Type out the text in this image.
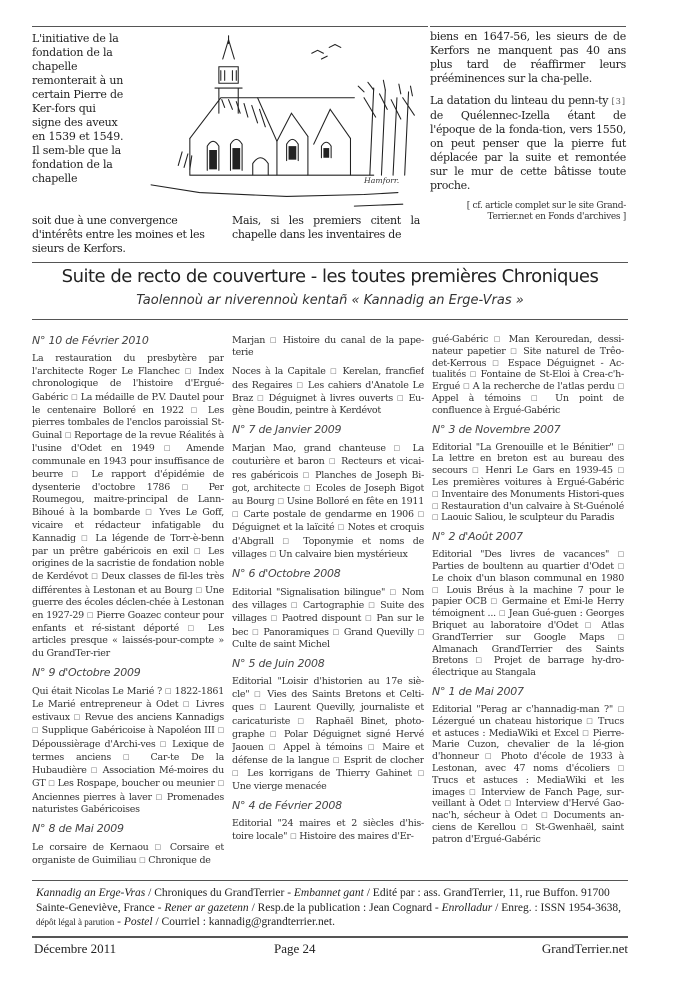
L'initiative de la fondation de la chapelle remonterait à un certain Pierre de Ker-fors qui signe des aveux en 1539 et 1549. Il sem-ble que la fondation de la chapelle
soit due à une convergence d'intérêts entre les moines et les sieurs de Kerfors.
Hamforr.
Mais, si les premiers citent la chapelle dans les inventaires de

biens en 1647-56, les sieurs de de Kerfors ne manquent pas 40 ans plus tard de réaffirmer leurs prééminences sur la cha-pelle.

La datation du linteau du penn-ty [3] de Quélennec-Izella étant de l'époque de la fonda-tion, vers 1550, on peut penser que la pierre fut déplacée par la suite et remontée sur le mur de cette bâtisse toute proche.

[ cf. article complet sur le site Grand-Terrier.net en Fonds d'archives ]
Suite de recto de couverture - les toutes premières Chroniques
Taolennoù ar niverennoù kentañ « Kannadig an Erge-Vras »
N° 10 de Février 2010
La restauration du presbytère par l'architecte Roger Le Flanchec □ Index chronologique de l'histoire d'Ergué-Gabéric □ La médaille de P.V. Dautel pour le centenaire Bolloré en 1922 □ Les pierres tombales de l'enclos paroissial St-Guinal □ Reportage de la revue Réalités à l'usine d'Odet en 1949 □ Amende communale en 1943 pour insuffisance de beurre □ Le rapport d'épidémie de dysenterie d'octobre 1786 □ Per Roumegou, maitre-principal de Lann-Bihoué à la bombarde □ Yves Le Goff, vicaire et rédacteur infatigable du Kannadig □ La légende de Torr-è-benn par un prêtre gabéricois en exil □ Les origines de la sacristie de fondation noble de Kerdévot □ Deux classes de fil-les très différentes à Lestonan et au Bourg □ Une guerre des écoles déclen-chée à Lestonan en 1927-29 □ Pierre Goazec conteur pour enfants et ré-sistant déporté □ Les articles presque « laissés-pour-compte » du GrandTer-rier
N° 9 d'Octobre 2009
Qui était Nicolas Le Marié ? □ 1822-1861 Le Marié entrepreneur à Odet □ Livres estivaux □ Revue des anciens Kannadigs □ Supplique Gabéricoise à Napoléon III □ Dépoussièrage d'Archi-ves □ Lexique de termes anciens □ Car-te De la Hubaudière □ Association Mé-moires du GT □ Les Rospape, boucher ou meunier □ Anciennes pierres à laver □ Promenades naturistes Gabéricoises
N° 8 de Mai 2009
Le corsaire de Kernaou □ Corsaire et organiste de Guimiliau □ Chronique de
Marjan □ Histoire du canal de la pape-terie
Noces à la Capitale □ Kerelan, francfief des Regaires □ Les cahiers d'Anatole Le Braz □ Déguignet à livres ouverts □ Eu-gène Boudin, peintre à Kerdévot
N° 7 de Janvier 2009
Marjan Mao, grand chanteuse □ La couturière et baron □ Recteurs et vicai-res gabéricois □ Planches de Joseph Bi-got, architecte □ Ecoles de Joseph Bigot au Bourg □ Usine Bolloré en fête en 1911 □ Carte postale de gendarme en 1906 □ Déguignet et la laïcité □ Notes et croquis d'Abgrall □ Toponymie et noms de villages □ Un calvaire bien mystérieux
N° 6 d'Octobre 2008
Editorial "Signalisation bilingue" □ Nom des villages □ Cartographie □ Suite des villages □ Paotred dispount □ Pan sur le bec □ Panoramiques □ Grand Quevilly □ Culte de saint Michel
N° 5 de Juin 2008
Editorial "Loisir d'historien au 17e siè-cle" □ Vies des Saints Bretons et Celti-ques □ Laurent Quevilly, journaliste et caricaturiste □ Raphaël Binet, photo-graphe □ Polar Déguignet signé Hervé Jaouen □ Appel à témoins □ Maire et défense de la langue □ Esprit de clocher □ Les korrigans de Thierry Gahinet □ Une vierge menacée
N° 4 de Février 2008
Editorial "24 maires et 2 siècles d'his-toire locale" □ Histoire des maires d'Er-
gué-Gabéric □ Man Kerouredan, dessi-nateur papetier □ Site naturel de Trêo-det-Kerrous □ Espace Déguignet - Ac-tualités □ Fontaine de St-Eloi à Crea-c'h-Ergué □ A la recherche de l'atlas perdu □ Appel à témoins □ Un point de confluence à Ergué-Gabéric
N° 3 de Novembre 2007
Editorial "La Grenouille et le Bénitier" □ La lettre en breton est au bureau des secours □ Henri Le Gars en 1939-45 □ Les premières voitures à Ergué-Gabéric □ Inventaire des Monuments Histori-ques □ Restauration d'un calvaire à St-Guénolé □ Laouic Saliou, le sculpteur du Paradis
N° 2 d'Août 2007
Editorial "Des livres de vacances" □ Parties de boultenn au quartier d'Odet □ Le choix d'un blason communal en 1980 □ Louis Bréus à la machine 7 pour le papier OCB □ Germaine et Emi-le Herry témoignent ... □ Jean Gué-guen : Georges Briquet au laboratoire d'Odet □ Atlas GrandTerrier sur Google Maps □ Almanach GrandTerrier des Saints Bretons □ Projet de barrage hy-dro-électrique au Stangala
N° 1 de Mai 2007
Editorial "Perag ar c'hannadig-man ?" □ Lézergué un chateau historique □ Trucs et astuces : MediaWiki et Excel □ Pierre-Marie Cuzon, chevalier de la lé-gion d'honneur □ Photo d'école de 1933 à Lestonan, avec 47 noms d'écoliers □ Trucs et astuces : MediaWiki et les images □ Interview de Fanch Page, sur-veillant à Odet □ Interview d'Hervé Gao-nac'h, sécheur à Odet □ Documents an-ciens de Kerellou □ St-Gwenhaël, saint patron d'Ergué-Gabéric
Kannadig an Erge-Vras / Chroniques du GrandTerrier - Embannet gant / Edité par : ass. GrandTerrier, 11, rue Buffon. 91700 Sainte-Geneviève, France - Rener ar gazetenn / Resp.de la publication : Jean Cognard - Enrolladur / Enreg. : ISSN 1954-3638, dépôt légal à parution - Postel / Courriel : kannadig@grandterrier.net.
Décembre 2011	Page 24	GrandTerrier.net
